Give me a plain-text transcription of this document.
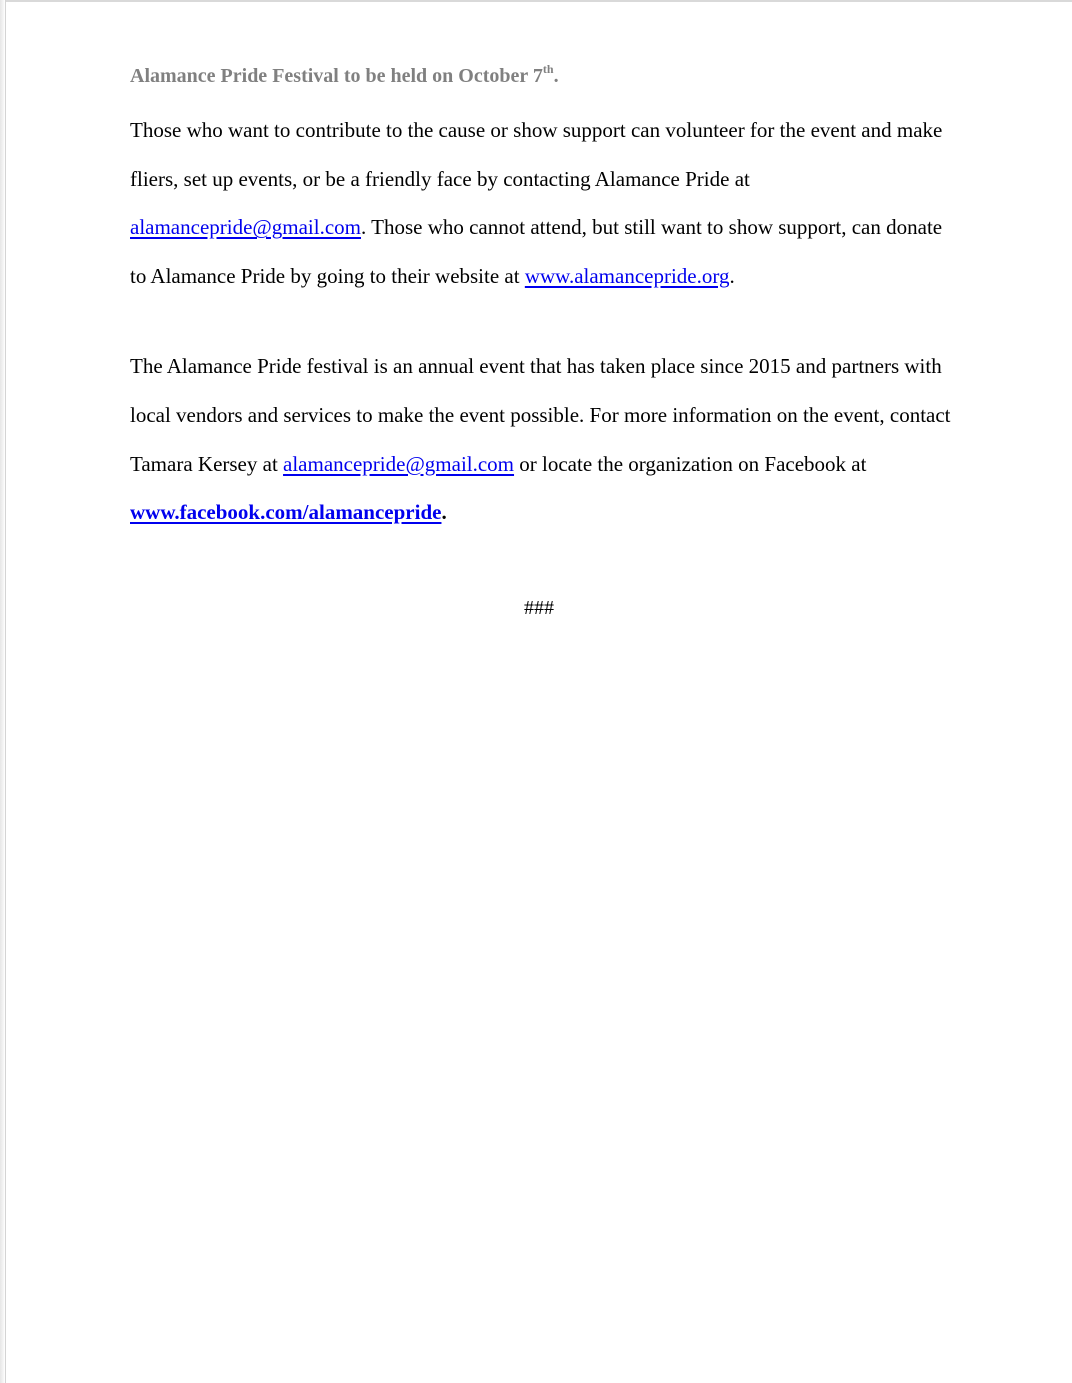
Alamance Pride Festival to be held on October 7th.

Those who want to contribute to the cause or show support can volunteer for the event and make
fliers, set up events, or be a friendly face by contacting Alamance Pride at
alamancepride@gmail.com. Those who cannot attend, but still want to show support, can donate
to Alamance Pride by going to their website at www.alamancepride.org.

The Alamance Pride festival is an annual event that has taken place since 2015 and partners with
local vendors and services to make the event possible. For more information on the event, contact
Tamara Kersey at alamancepride@gmail.com or locate the organization on Facebook at
www.facebook.com/alamancepride.

###
